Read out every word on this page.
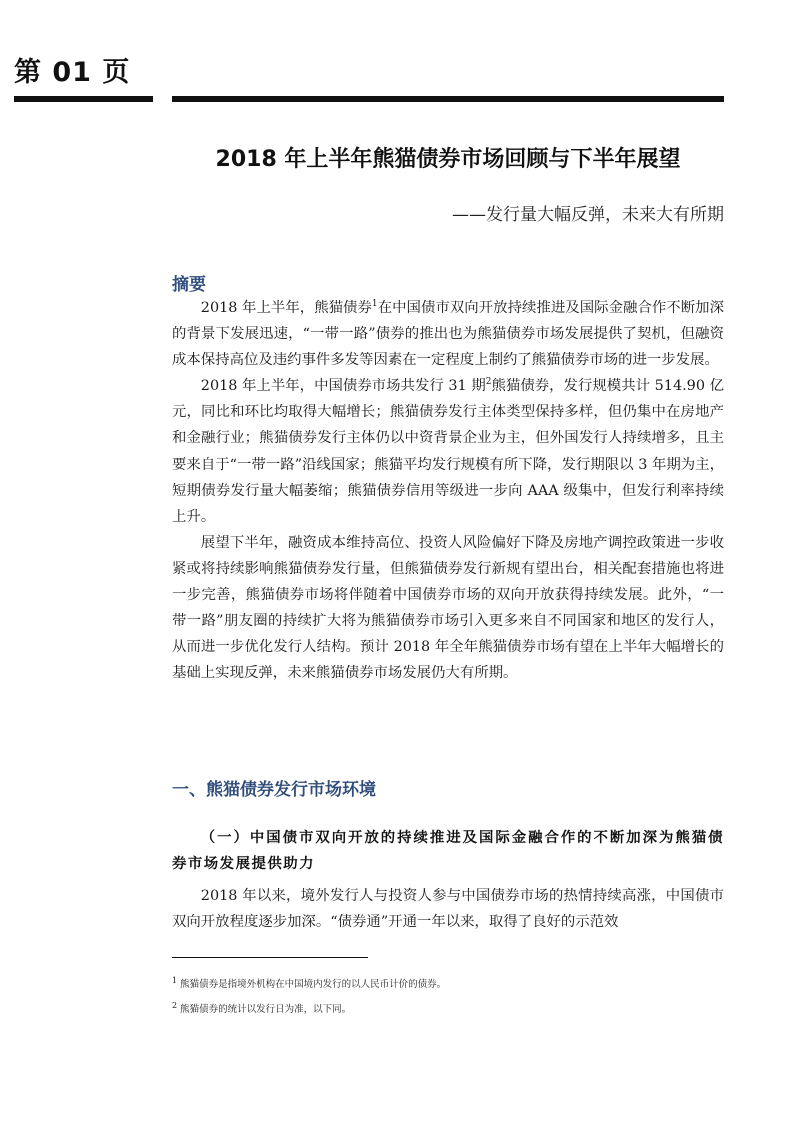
第 01 页
2018 年上半年熊猫债券市场回顾与下半年展望
——发行量大幅反弹，未来大有所期
摘要

2018 年上半年，熊猫债券$^1$在中国债市双向开放持续推进及国际金融合作不断加深的背景下发展迅速，“一带一路”债券的推出也为熊猫债券市场发展提供了契机，但融资成本保持高位及违约事件多发等因素在一定程度上制约了熊猫债券市场的进一步发展。

2018 年上半年，中国债券市场共发行 31 期$^2$熊猫债券，发行规模共计 514.90 亿元，同比和环比均取得大幅增长；熊猫债券发行主体类型保持多样，但仍集中在房地产和金融行业；熊猫债券发行主体仍以中资背景企业为主，但外国发行人持续增多，且主要来自于“一带一路”沿线国家；熊猫平均发行规模有所下降，发行期限以 3 年期为主，短期债券发行量大幅萎缩；熊猫债券信用等级进一步向 AAA 级集中，但发行利率持续上升。

展望下半年，融资成本维持高位、投资人风险偏好下降及房地产调控政策进一步收紧或将持续影响熊猫债券发行量，但熊猫债券发行新规有望出台，相关配套措施也将进一步完善，熊猫债券市场将伴随着中国债券市场的双向开放获得持续发展。此外，“一带一路”朋友圈的持续扩大将为熊猫债券市场引入更多来自不同国家和地区的发行人，从而进一步优化发行人结构。预计 2018 年全年熊猫债券市场有望在上半年大幅增长的基础上实现反弹，未来熊猫债券市场发展仍大有所期。

一、熊猫债券发行市场环境
（一）中国债市双向开放的持续推进及国际金融合作的不断加深为熊猫债券市场发展提供助力

2018 年以来，境外发行人与投资人参与中国债券市场的热情持续高涨，中国债市双向开放程度逐步加深。“债券通”开通一年以来，取得了良好的示范效

$^1$ 熊猫债券是指境外机构在中国境内发行的以人民币计价的债券。
$^2$ 熊猫债券的统计以发行日为准，以下同。
